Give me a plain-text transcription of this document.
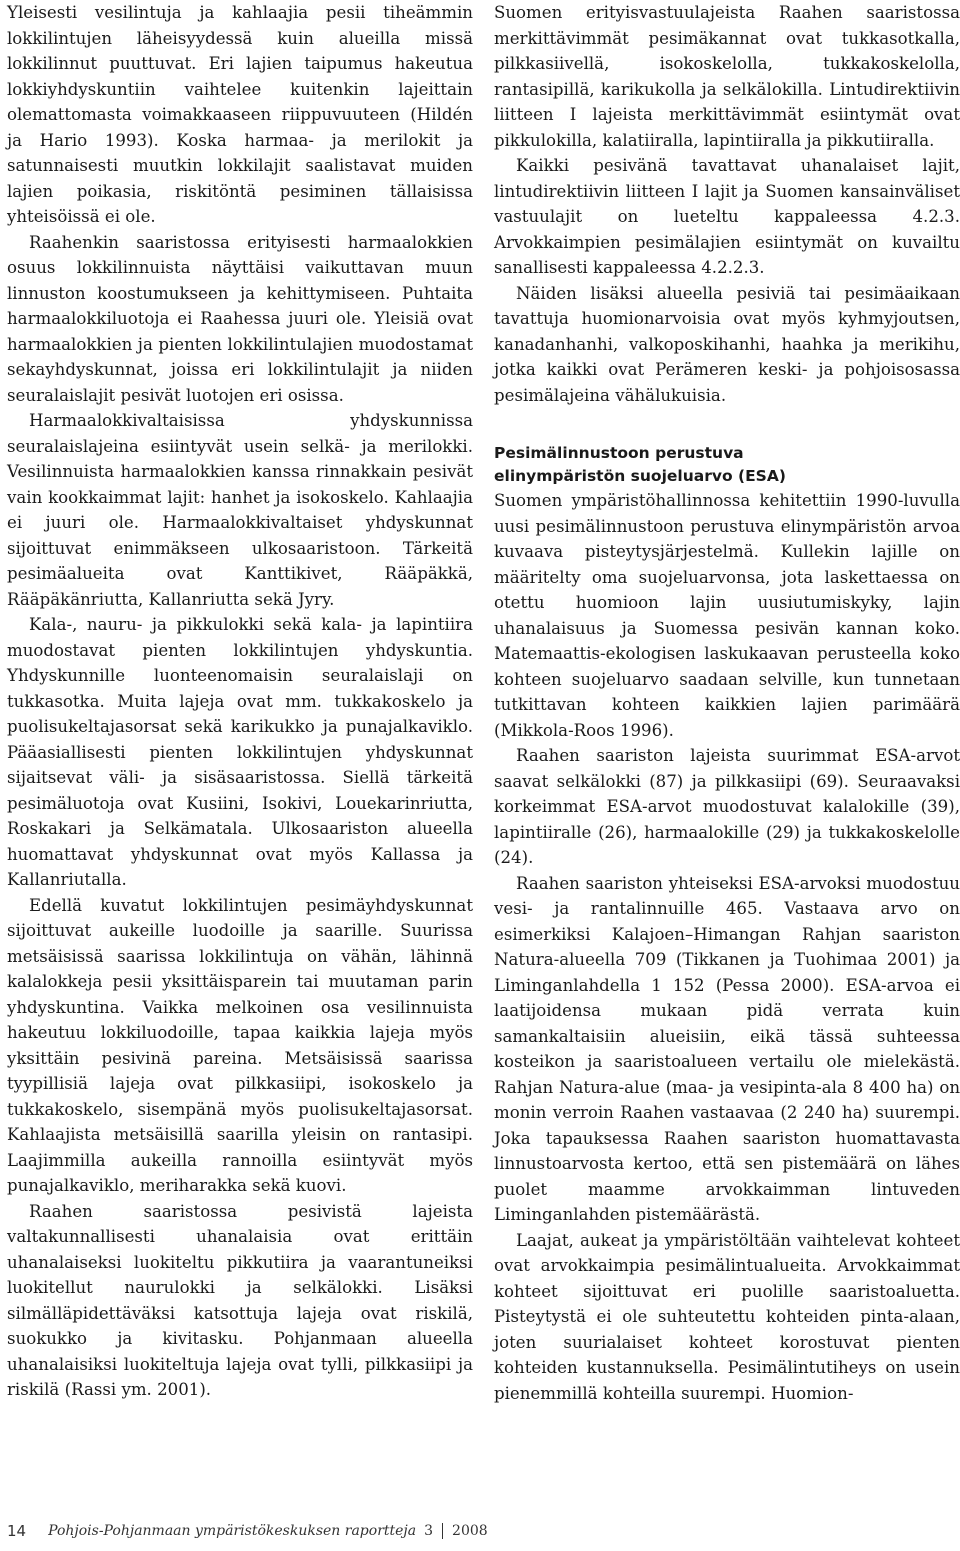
Yleisesti vesilintuja ja kahlaajia pesii tiheämmin lokkilintujen läheisyydessä kuin alueilla missä lokkilinnut puuttuvat. Eri lajien taipumus hakeutua lokkiyhdyskuntiin vaihtelee kuitenkin lajeittain olemattomasta voimakkaaseen riippuvuuteen (Hildén ja Hario 1993). Koska harmaa- ja merilokit ja satunnaisesti muutkin lokkilajit saalistavat muiden lajien poikasia, riskitöntä pesiminen tällaisissa yhteisöissä ei ole.

Raahenkin saaristossa erityisesti harmaalokkien osuus lokkilinnuista näyttäisi vaikuttavan muun linnuston koostumukseen ja kehittymiseen. Puhtaita harmaalokkiluotoja ei Raahessa juuri ole. Yleisiä ovat harmaalokkien ja pienten lokkilintulajien muodostamat sekayhdyskunnat, joissa eri lokkilintulajit ja niiden seuralaislajit pesivät luotojen eri osissa.

Harmaalokkivaltaisissa yhdyskunnissa seuralaislajeina esiintyvät usein selkä- ja merilokki. Vesilinnuista harmaalokkien kanssa rinnakkain pesivät vain kookkaimmat lajit: hanhet ja isokoskelo. Kahlaajia ei juuri ole. Harmaalokkivaltaiset yhdyskunnat sijoittuvat enimmäkseen ulkosaaristoon. Tärkeitä pesimäalueita ovat Kanttikivet, Rääpäkkä, Rääpäkänriutta, Kallanriutta sekä Jyry.

Kala-, nauru- ja pikkulokki sekä kala- ja lapintiira muodostavat pienten lokkilintujen yhdyskuntia. Yhdyskunnille luonteenomaisin seuralaislaji on tukkasotka. Muita lajeja ovat mm. tukkakoskelo ja puolisukeltajasorsat sekä karikukko ja punajalkaviklo. Pääasiallisesti pienten lokkilintujen yhdyskunnat sijaitsevat väli- ja sisäsaaristossa. Siellä tärkeitä pesimäluotoja ovat Kusiini, Isokivi, Louekarinriutta, Roskakari ja Selkämatala. Ulkosaariston alueella huomattavat yhdyskunnat ovat myös Kallassa ja Kallanriutalla.

Edellä kuvatut lokkilintujen pesimäyhdyskunnat sijoittuvat aukeille luodoille ja saarille. Suurissa metsäisissä saarissa lokkilintuja on vähän, lähinnä kalalokkeja pesii yksittäisparein tai muutaman parin yhdyskuntina. Vaikka melkoinen osa vesilinnuista hakeutuu lokkiluodoille, tapaa kaikkia lajeja myös yksittäin pesivinä pareina. Metsäisissä saarissa tyypillisiä lajeja ovat pilkkasiipi, isokoskelo ja tukkakoskelo, sisempänä myös puolisukeltajasorsat. Kahlaajista metsäisillä saarilla yleisin on rantasipi. Laajimmilla aukeilla rannoilla esiintyvät myös punajalkaviklo, meriharakka sekä kuovi.

Raahen saaristossa pesivistä lajeista valtakunnallisesti uhanalaisia ovat erittäin uhanalaiseksi luokiteltu pikkutiira ja vaarantuneiksi luokitellut naurulokki ja selkälokki. Lisäksi silmälläpidettäväksi katsottuja lajeja ovat riskilä, suokukko ja kivitasku. Pohjanmaan alueella uhanalaisiksi luokiteltuja lajeja ovat tylli, pilkkasiipi ja riskilä (Rassi ym. 2001).

Suomen erityisvastuulajeista Raahen saaristossa merkittävimmät pesimäkannat ovat tukkasotkalla, pilkkasiivellä, isokoskelolla, tukkakoskelolla, rantasipillä, karikukolla ja selkälokilla. Lintudirektiivin liitteen I lajeista merkittävimmät esiintymät ovat pikkulokilla, kalatiiralla, lapintiiralla ja pikkutiiralla.

Kaikki pesivänä tavattavat uhanalaiset lajit, lintudirektiivin liitteen I lajit ja Suomen kansainväliset vastuulajit on lueteltu kappaleessa 4.2.3. Arvokkaimpien pesimälajien esiintymät on kuvailtu sanallisesti kappaleessa 4.2.2.3.

Näiden lisäksi alueella pesiviä tai pesimäaikaan tavattuja huomionarvoisia ovat myös kyhmyjoutsen, kanadanhanhi, valkoposkihanhi, haahka ja merikihu, jotka kaikki ovat Perämeren keski- ja pohjoisosassa pesimälajeina vähälukuisia.

Pesimälinnustoon perustuva
elinympäristön suojeluarvo (ESA)

Suomen ympäristöhallinnossa kehitettiin 1990-luvulla uusi pesimälinnustoon perustuva elinympäristön arvoa kuvaava pisteytysjärjestelmä. Kullekin lajille on määritelty oma suojeluarvonsa, jota laskettaessa on otettu huomioon lajin uusiutumiskyky, lajin uhanalaisuus ja Suomessa pesivän kannan koko. Matemaattis-ekologisen laskukaavan perusteella koko kohteen suojeluarvo saadaan selville, kun tunnetaan tutkittavan kohteen kaikkien lajien parimäärä (Mikkola-Roos 1996).

Raahen saariston lajeista suurimmat ESA-arvot saavat selkälokki (87) ja pilkkasiipi (69). Seuraavaksi korkeimmat ESA-arvot muodostuvat kalalokille (39), lapintiiralle (26), harmaalokille (29) ja tukkakoskelolle (24).

Raahen saariston yhteiseksi ESA-arvoksi muodostuu vesi- ja rantalinnuille 465. Vastaava arvo on esimerkiksi Kalajoen–Himangan Rahjan saariston Natura-alueella 709 (Tikkanen ja Tuohimaa 2001) ja Liminganlahdella 1 152 (Pessa 2000). ESA-arvoa ei laatijoidensa mukaan pidä verrata kuin samankaltaisiin alueisiin, eikä tässä suhteessa kosteikon ja saaristoalueen vertailu ole mielekästä. Rahjan Natura-alue (maa- ja vesipinta-ala 8 400 ha) on monin verroin Raahen vastaavaa (2 240 ha) suurempi. Joka tapauksessa Raahen saariston huomattavasta linnustoarvosta kertoo, että sen pistemäärä on lähes puolet maamme arvokkaimman lintuveden Liminganlahden pistemäärästä.

Laajat, aukeat ja ympäristöltään vaihtelevat kohteet ovat arvokkaimpia pesimälintualueita. Arvokkaimmat kohteet sijoittuvat eri puolille saaristoaluetta. Pisteytystä ei ole suhteutettu kohteiden pinta-alaan, joten suurialaiset kohteet korostuvat pienten kohteiden kustannuksella. Pesimälintutiheys on usein pienemmillä kohteilla suurempi. Huomion-

14 Pohjois-Pohjanmaan ympäristökeskuksen raportteja 3 2008
